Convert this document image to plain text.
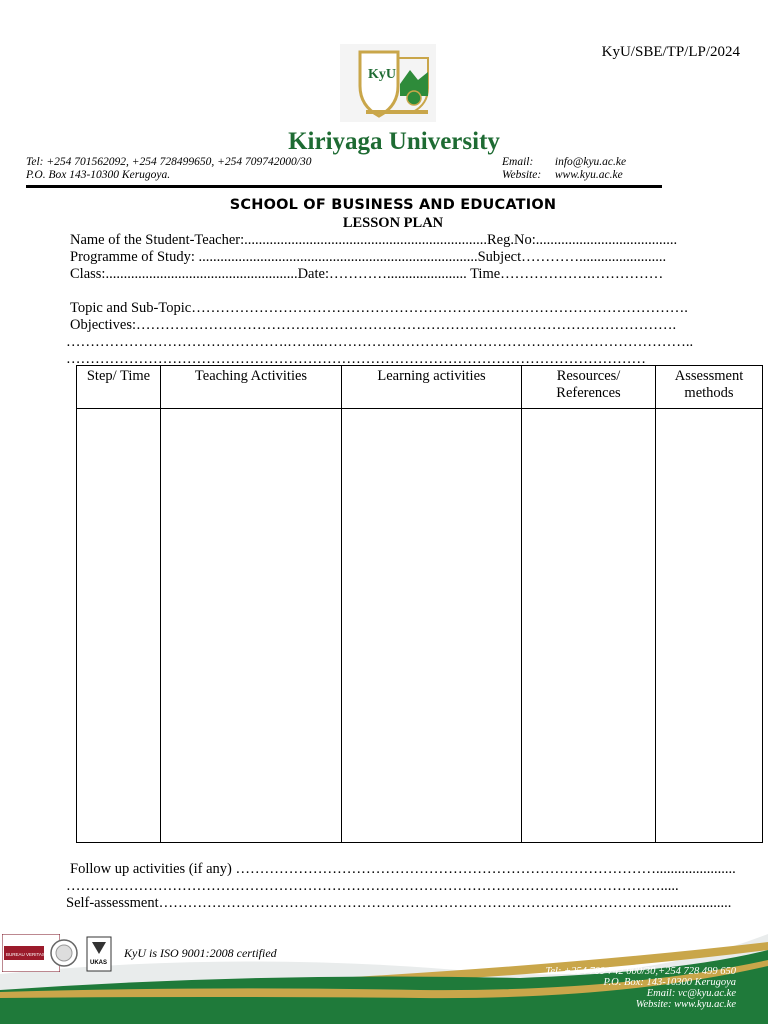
KyU/SBE/TP/LP/2024
KyU
Kiriyaga University
Tel: +254 701562092, +254 728499650, +254 709742000/30
P.O. Box 143-10300 Kerugoya.
Email: info@kyu.ac.ke
Website: www.kyu.ac.ke
SCHOOL OF BUSINESS AND EDUCATION
LESSON PLAN
Name of the Student-Teacher:...................................................................Reg.No:.......................................
Programme of Study: .............................................................................Subject…………........................
Class:.....................................................Date:…………...................... Time……………….……………
Topic and Sub-Topic………………………………………………………………………………………….
Objectives:………………………………………………………………………………………………….
……………………………………….……..…………………………………………………………………..
…………………………………………………………………………………………………………
Step/ Time	Teaching Activities	Learning activities	Resources/ References	Assessment methods

Follow up activities (if any) ……………………………………………………………………………......................
…………………………………………………………………………………………………………….....
Self-assessment…………………………………………………………………………………………......................
BUREAU VERITAS
UKAS
KyU is ISO 9001:2008 certified
Tel: +254 709 742 000/30,+254 728 499 650
P.O. Box: 143-10300 Kerugoya
Email: vc@kyu.ac.ke
Website: www.kyu.ac.ke
